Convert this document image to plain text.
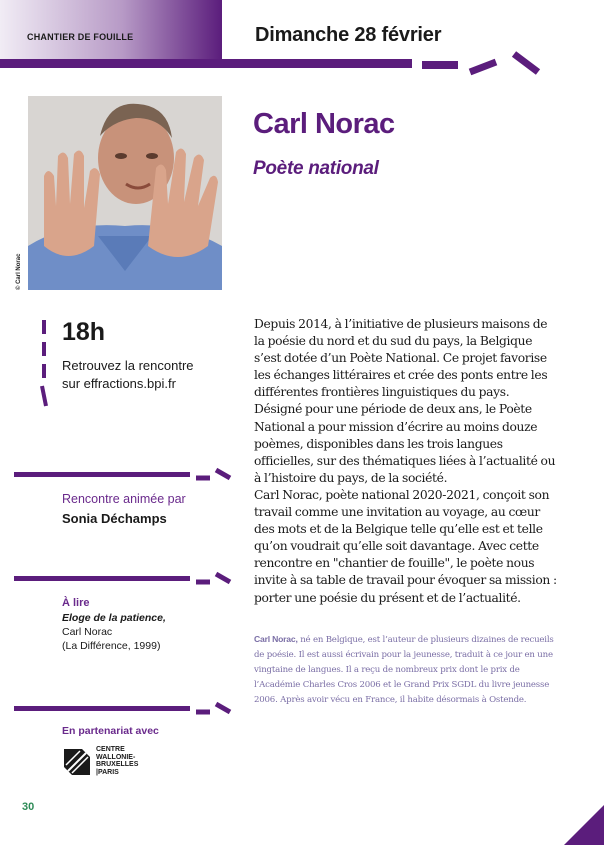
CHANTIER DE FOUILLE	Dimanche 28 février
© Carl Norac
Carl Norac
Poète national
18h
Retrouvez la rencontre
sur effractions.bpi.fr
Rencontre animée par
Sonia Déchamps
À lire
Eloge de la patience,
Carl Norac
(La Différence, 1999)
En partenariat avec
CENTRE
WALLONIE-
BRUXELLES
|PARIS

Depuis 2014, à l’initiative de plusieurs maisons de la poésie du nord et du sud du pays, la Belgique s’est dotée d’un Poète National. Ce projet favorise les échanges littéraires et crée des ponts entre les différentes frontières linguistiques du pays. Désigné pour une période de deux ans, le Poète National a pour mission d’écrire au moins douze poèmes, disponibles dans les trois langues officielles, sur des thématiques liées à l’actualité ou à l’histoire du pays, de la société.

Carl Norac, poète national 2020-2021, conçoit son travail comme une invitation au voyage, au cœur des mots et de la Belgique telle qu’elle est et telle qu’on voudrait qu’elle soit davantage. Avec cette rencontre en "chantier de fouille", le poète nous invite à sa table de travail pour évoquer sa mission : porter une poésie du présent et de l’actualité.

Carl Norac, né en Belgique, est l’auteur de plusieurs dizaines de recueils de poésie. Il est aussi écrivain pour la jeunesse, traduit à ce jour en une vingtaine de langues. Il a reçu de nombreux prix dont le prix de l’Académie Charles Cros 2006 et le Grand Prix SGDL du livre jeunesse 2006. Après avoir vécu en France, il habite désormais à Ostende.
30
